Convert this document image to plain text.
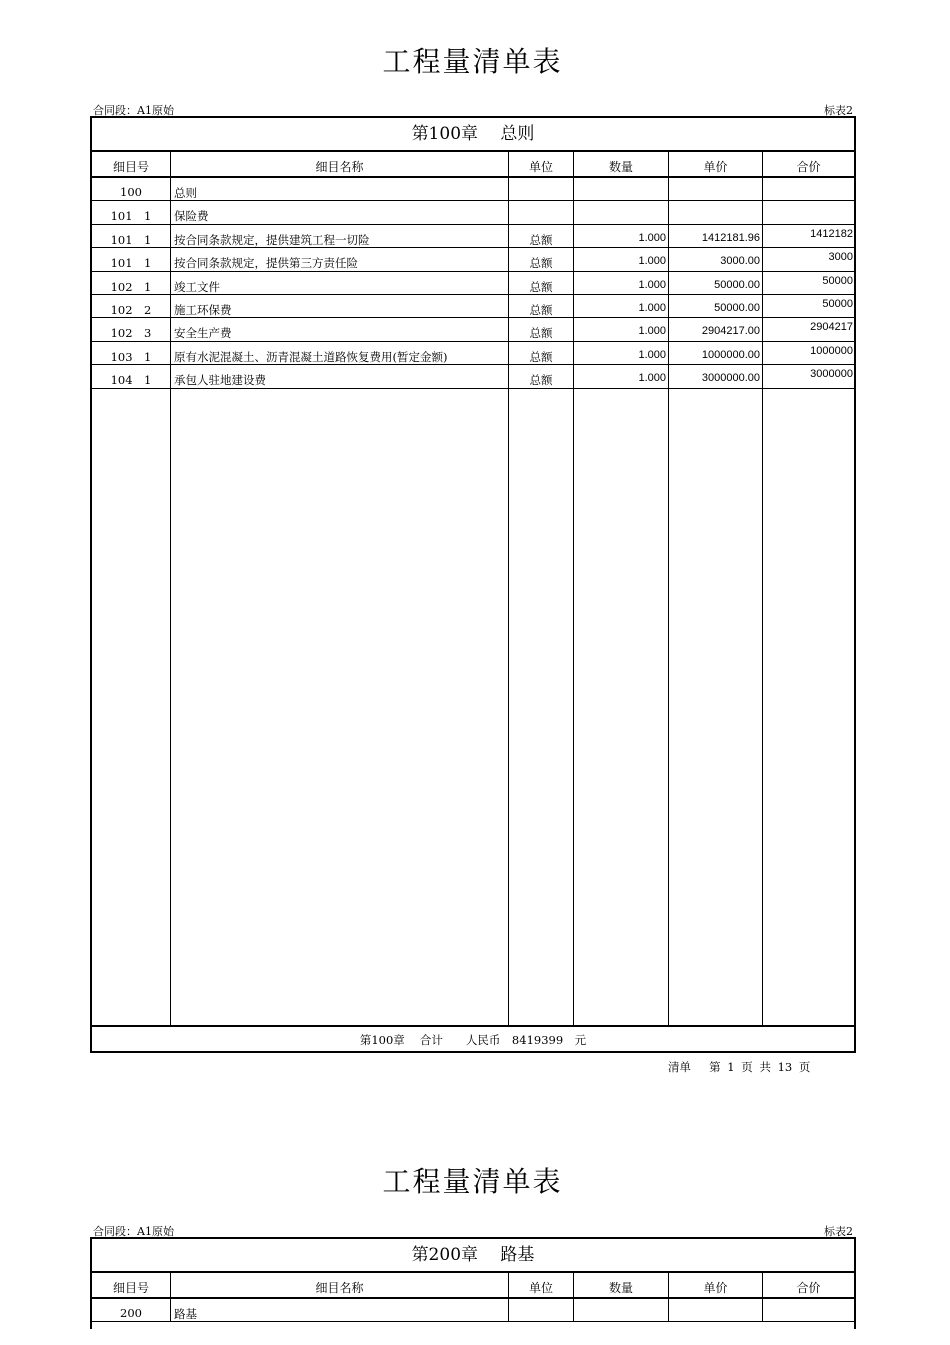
工程量清单表
合同段：A1原始	标表2
第100章　 总则
细目号	细目名称	单位	数量	单价	合价
100	总则
101　1	保险费
101　1	按合同条款规定，提供建筑工程一切险	总额	1.000	1412181.96	1412182
101　1	按合同条款规定，提供第三方责任险	总额	1.000	3000.00	3000
102　1	竣工文件	总额	1.000	50000.00	50000
102　2	施工环保费	总额	1.000	50000.00	50000
102　3	安全生产费	总额	1.000	2904217.00	2904217
103　1	原有水泥混凝土、沥青混凝土道路恢复费用(暂定金额)	总额	1.000	1000000.00	1000000
104　1	承包人驻地建设费	总额	1.000	3000000.00	3000000
第100章　 合计　　人民币　8419399　元
清单　 第 1 页 共 13 页
工程量清单表
合同段：A1原始	标表2
第200章　 路基
细目号	细目名称	单位	数量	单价	合价
200	路基
